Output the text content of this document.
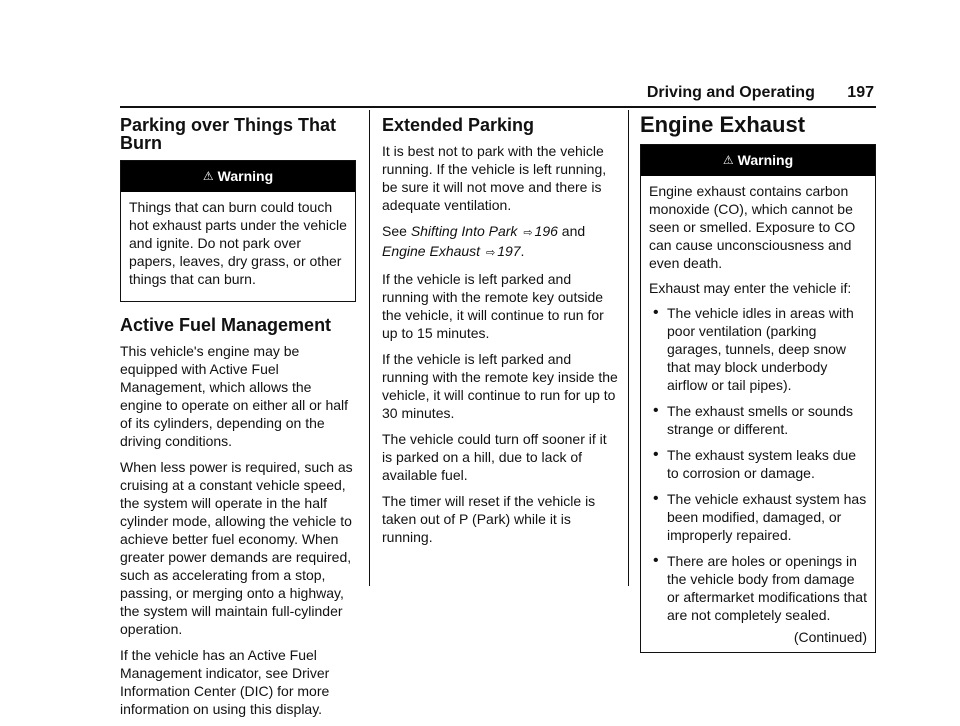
Driving and Operating 197
Parking over Things That Burn
⚠ Warning

Things that can burn could touch hot exhaust parts under the vehicle and ignite. Do not park over papers, leaves, dry grass, or other things that can burn.

Active Fuel Management

This vehicle's engine may be equipped with Active Fuel Management, which allows the engine to operate on either all or half of its cylinders, depending on the driving conditions.

When less power is required, such as cruising at a constant vehicle speed, the system will operate in the half cylinder mode, allowing the vehicle to achieve better fuel economy. When greater power demands are required, such as accelerating from a stop, passing, or merging onto a highway, the system will maintain full-cylinder operation.

If the vehicle has an Active Fuel Management indicator, see Driver Information Center (DIC) for more information on using this display.

Extended Parking

It is best not to park with the vehicle running. If the vehicle is left running, be sure it will not move and there is adequate ventilation.

See Shifting Into Park ⇨ 196 and
Engine Exhaust ⇨ 197.

If the vehicle is left parked and running with the remote key outside the vehicle, it will continue to run for up to 15 minutes.

If the vehicle is left parked and running with the remote key inside the vehicle, it will continue to run for up to 30 minutes.

The vehicle could turn off sooner if it is parked on a hill, due to lack of available fuel.

The timer will reset if the vehicle is taken out of P (Park) while it is running.

Engine Exhaust
⚠ Warning

Engine exhaust contains carbon monoxide (CO), which cannot be seen or smelled. Exposure to CO can cause unconsciousness and even death.

Exhaust may enter the vehicle if:

• The vehicle idles in areas with poor ventilation (parking garages, tunnels, deep snow that may block underbody airflow or tail pipes).
• The exhaust smells or sounds strange or different.
• The exhaust system leaks due to corrosion or damage.
• The vehicle exhaust system has been modified, damaged, or improperly repaired.
• There are holes or openings in the vehicle body from damage or aftermarket modifications that are not completely sealed.
(Continued)
